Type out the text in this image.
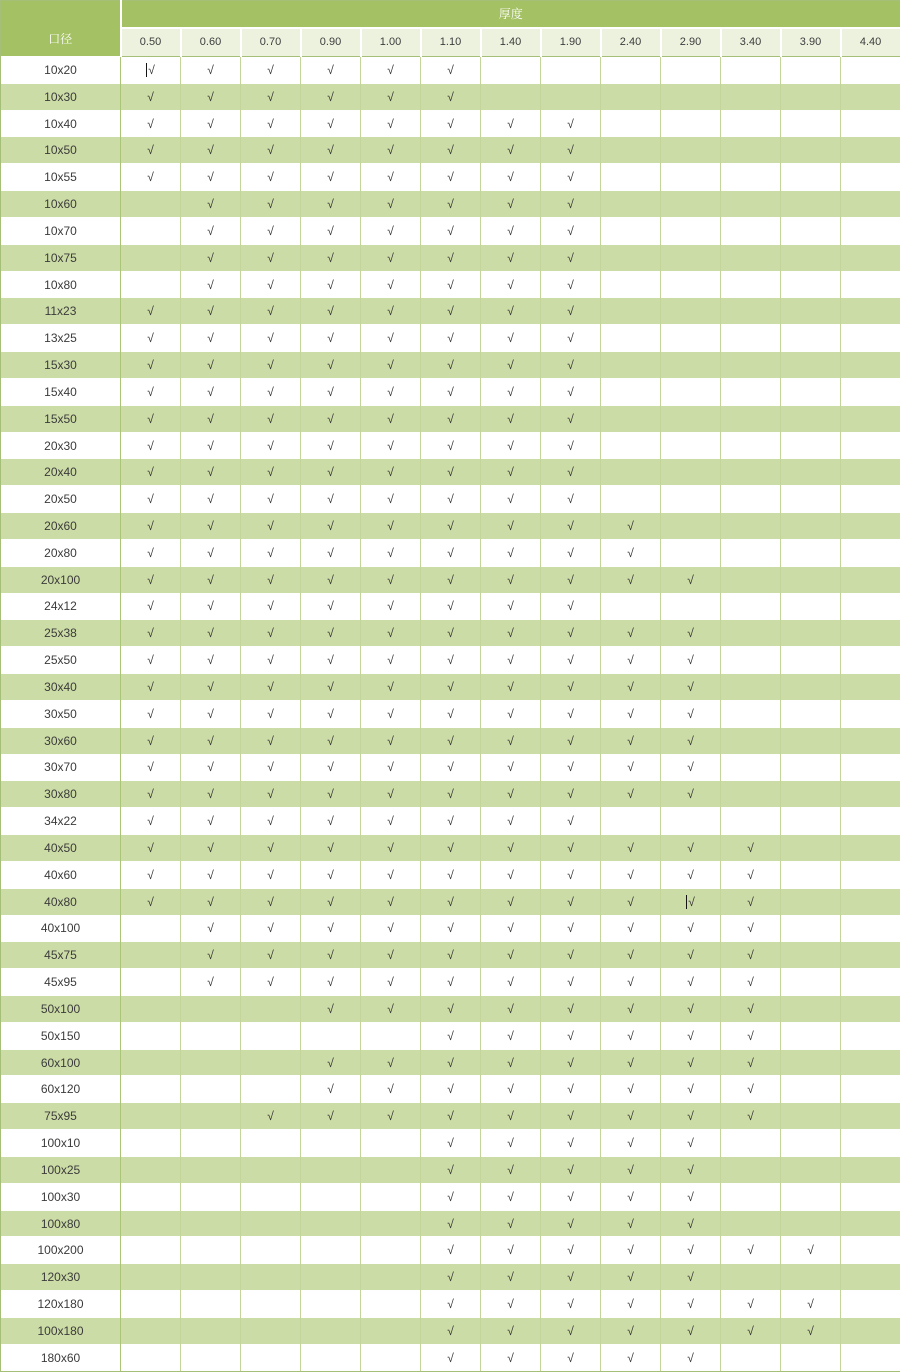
口径	厚度												
	0.50	0.60	0.70	0.90	1.00	1.10	1.40	1.90	2.40	2.90	3.40	3.90	4.40
10x20	√	√	√	√	√	√							
10x30	√	√	√	√	√	√							
10x40	√	√	√	√	√	√	√	√					
10x50	√	√	√	√	√	√	√	√					
10x55	√	√	√	√	√	√	√	√					
10x60		√	√	√	√	√	√	√					
10x70		√	√	√	√	√	√	√					
10x75		√	√	√	√	√	√	√					
10x80		√	√	√	√	√	√	√					
11x23	√	√	√	√	√	√	√	√					
13x25	√	√	√	√	√	√	√	√					
15x30	√	√	√	√	√	√	√	√					
15x40	√	√	√	√	√	√	√	√					
15x50	√	√	√	√	√	√	√	√					
20x30	√	√	√	√	√	√	√	√					
20x40	√	√	√	√	√	√	√	√					
20x50	√	√	√	√	√	√	√	√					
20x60	√	√	√	√	√	√	√	√	√				
20x80	√	√	√	√	√	√	√	√	√				
20x100	√	√	√	√	√	√	√	√	√	√			
24x12	√	√	√	√	√	√	√	√					
25x38	√	√	√	√	√	√	√	√	√	√			
25x50	√	√	√	√	√	√	√	√	√	√			
30x40	√	√	√	√	√	√	√	√	√	√			
30x50	√	√	√	√	√	√	√	√	√	√			
30x60	√	√	√	√	√	√	√	√	√	√			
30x70	√	√	√	√	√	√	√	√	√	√			
30x80	√	√	√	√	√	√	√	√	√	√			
34x22	√	√	√	√	√	√	√	√					
40x50	√	√	√	√	√	√	√	√	√	√	√		
40x60	√	√	√	√	√	√	√	√	√	√	√		
40x80	√	√	√	√	√	√	√	√	√	√	√		
40x100		√	√	√	√	√	√	√	√	√	√		
45x75		√	√	√	√	√	√	√	√	√	√		
45x95		√	√	√	√	√	√	√	√	√	√		
50x100				√	√	√	√	√	√	√	√		
50x150						√	√	√	√	√	√		
60x100				√	√	√	√	√	√	√	√		
60x120				√	√	√	√	√	√	√	√		
75x95			√	√	√	√	√	√	√	√	√		
100x10						√	√	√	√	√			
100x25						√	√	√	√	√			
100x30						√	√	√	√	√			
100x80						√	√	√	√	√			
100x200						√	√	√	√	√	√	√	
120x30						√	√	√	√	√			
120x180						√	√	√	√	√	√	√	
100x180						√	√	√	√	√	√	√	
180x60						√	√	√	√	√			
